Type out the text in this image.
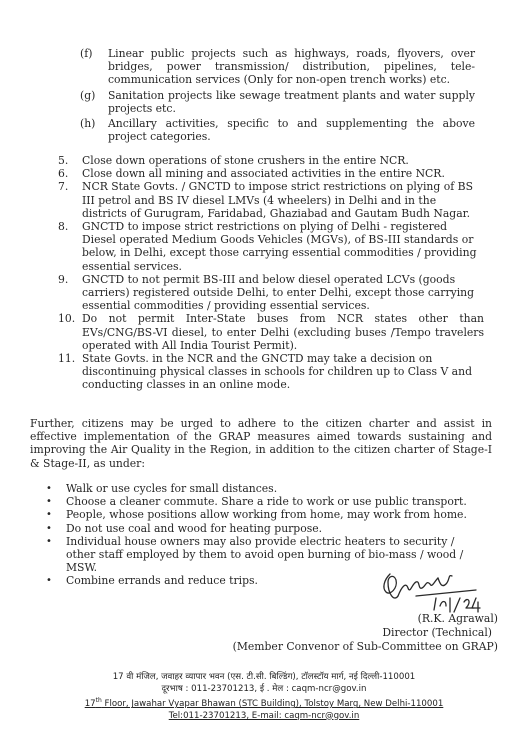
(f)	Linear public projects such as highways, roads, flyovers, over bridges, power transmission/ distribution, pipelines, tele-communication services (Only for non-open trench works) etc.
(g)	Sanitation projects like sewage treatment plants and water supply projects etc.
(h)	Ancillary activities, specific to and supplementing the above project categories.
5.	Close down operations of stone crushers in the entire NCR.
6.	Close down all mining and associated activities in the entire NCR.
7.	NCR State Govts. / GNCTD to impose strict restrictions on plying of BS III petrol and BS IV diesel LMVs (4 wheelers) in Delhi and in the districts of Gurugram, Faridabad, Ghaziabad and Gautam Budh Nagar.
8.	GNCTD to impose strict restrictions on plying of Delhi - registered Diesel operated Medium Goods Vehicles (MGVs), of BS-III standards or below, in Delhi, except those carrying essential commodities / providing essential services.
9.	GNCTD to not permit BS-III and below diesel operated LCVs (goods carriers) registered outside Delhi, to enter Delhi, except those carrying essential commodities / providing essential services.
10. Do not permit Inter-State buses from NCR states other than EVs/CNG/BS-VI diesel, to enter Delhi (excluding buses /Tempo travelers operated with All India Tourist Permit).
11. State Govts. in the NCR and the GNCTD may take a decision on discontinuing physical classes in schools for children up to Class V and conducting classes in an online mode.

Further, citizens may be urged to adhere to the citizen charter and assist in effective implementation of the GRAP measures aimed towards sustaining and improving the Air Quality in the Region, in addition to the citizen charter of Stage-I & Stage-II, as under:

•	Walk or use cycles for small distances.
•	Choose a cleaner commute. Share a ride to work or use public transport.
•	People, whose positions allow working from home, may work from home.
•	Do not use coal and wood for heating purpose.
•	Individual house owners may also provide electric heaters to security / other staff employed by them to avoid open burning of bio-mass / wood / MSW.
•	Combine errands and reduce trips.
(R.K. Agrawal)
Director (Technical)
(Member Convenor of Sub-Committee on GRAP)
17 वी मंजिल, जवाहर व्यापार भवन (एस. टी.सी. बिल्डिंग), टॉलस्टॉय मार्ग, नई दिल्ली-110001
दूरभाष : 011-23701213, ई . मेल : caqm-ncr@gov.in
17th Floor, Jawahar Vyapar Bhawan (STC Building), Tolstoy Marg, New Delhi-110001
Tel:011-23701213, E-mail: caqm-ncr@gov.in
